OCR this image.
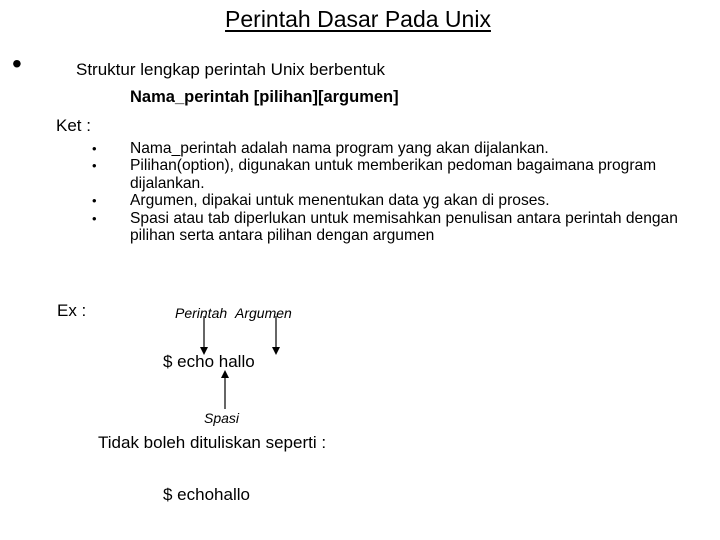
Perintah Dasar Pada Unix
•	Struktur lengkap perintah Unix berbentuk
Nama_perintah [pilihan][argumen]
Ket :
• Nama_perintah adalah nama program yang akan dijalankan.
• Pilihan(option), digunakan untuk memberikan pedoman bagaimana program dijalankan.
• Argumen, dipakai untuk menentukan data yg akan di proses.
• Spasi atau tab diperlukan untuk memisahkan penulisan antara perintah dengan pilihan serta antara pilihan dengan argumen
Ex :	Perintah Argumen
$ echo hallo
Spasi
Tidak boleh dituliskan seperti :
$ echohallo
